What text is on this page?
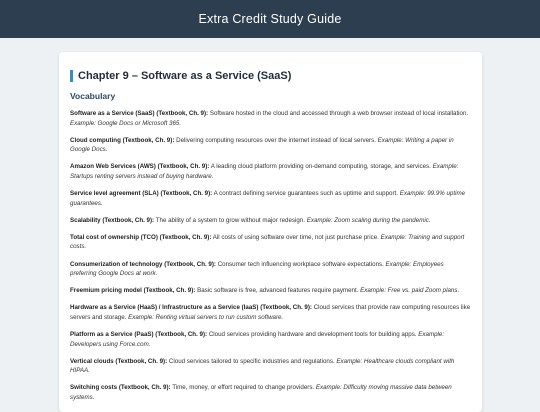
Extra Credit Study Guide
Chapter 9 – Software as a Service (SaaS)
Vocabulary
Software as a Service (SaaS) (Textbook, Ch. 9): Software hosted in the cloud and accessed through a web browser instead of local installation. Example: Google Docs or Microsoft 365.
Cloud computing (Textbook, Ch. 9): Delivering computing resources over the internet instead of local servers. Example: Writing a paper in Google Docs.
Amazon Web Services (AWS) (Textbook, Ch. 9): A leading cloud platform providing on-demand computing, storage, and services. Example: Startups renting servers instead of buying hardware.
Service level agreement (SLA) (Textbook, Ch. 9): A contract defining service guarantees such as uptime and support. Example: 99.9% uptime guarantees.
Scalability (Textbook, Ch. 9): The ability of a system to grow without major redesign. Example: Zoom scaling during the pandemic.
Total cost of ownership (TCO) (Textbook, Ch. 9): All costs of using software over time, not just purchase price. Example: Training and support costs.
Consumerization of technology (Textbook, Ch. 9): Consumer tech influencing workplace software expectations. Example: Employees preferring Google Docs at work.
Freemium pricing model (Textbook, Ch. 9): Basic software is free, advanced features require payment. Example: Free vs. paid Zoom plans.
Hardware as a Service (HaaS) / Infrastructure as a Service (IaaS) (Textbook, Ch. 9): Cloud services that provide raw computing resources like servers and storage. Example: Renting virtual servers to run custom software.
Platform as a Service (PaaS) (Textbook, Ch. 9): Cloud services providing hardware and development tools for building apps. Example: Developers using Force.com.
Vertical clouds (Textbook, Ch. 9): Cloud services tailored to specific industries and regulations. Example: Healthcare clouds compliant with HIPAA.
Switching costs (Textbook, Ch. 9): Time, money, or effort required to change providers. Example: Difficulty moving massive data between systems.
